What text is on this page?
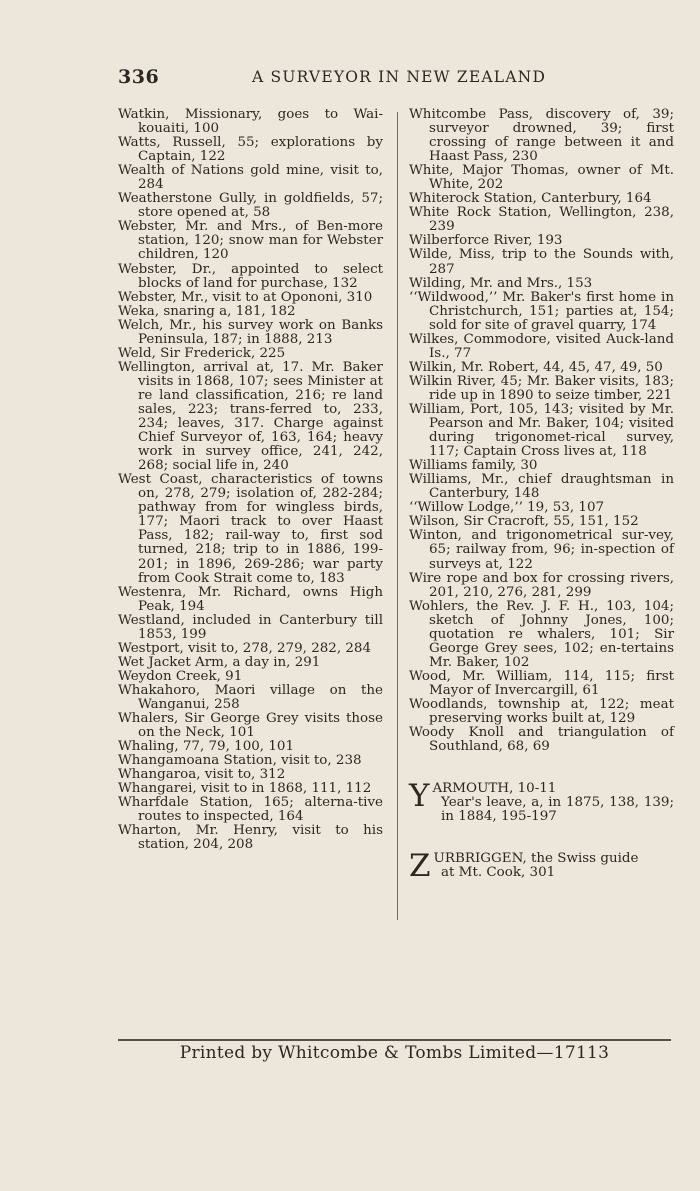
336	A SURVEYOR IN NEW ZEALAND

Watkin, Missionary, goes to Wai-kouaiti, 100

Watts, Russell, 55; explorations by Captain, 122

Wealth of Nations gold mine, visit to, 284

Weatherstone Gully, in goldfields, 57; store opened at, 58

Webster, Mr. and Mrs., of Ben-more station, 120; snow man for Webster children, 120

Webster, Dr., appointed to select blocks of land for purchase, 132

Webster, Mr., visit to at Opononi, 310

Weka, snaring a, 181, 182

Welch, Mr., his survey work on Banks Peninsula, 187; in 1888, 213

Weld, Sir Frederick, 225

Wellington, arrival at, 17. Mr. Baker visits in 1868, 107; sees Minister at re land classification, 216; re land sales, 223; trans-ferred to, 233, 234; leaves, 317. Charge against Chief Surveyor of, 163, 164; heavy work in survey office, 241, 242, 268; social life in, 240

West Coast, characteristics of towns on, 278, 279; isolation of, 282-284; pathway from for wingless birds, 177; Maori track to over Haast Pass, 182; rail-way to, first sod turned, 218; trip to in 1886, 199-201; in 1896, 269-286; war party from Cook Strait come to, 183

Westenra, Mr. Richard, owns High Peak, 194

Westland, included in Canterbury till 1853, 199

Westport, visit to, 278, 279, 282, 284

Wet Jacket Arm, a day in, 291

Weydon Creek, 91

Whakahoro, Maori village on the Wanganui, 258

Whalers, Sir George Grey visits those on the Neck, 101

Whaling, 77, 79, 100, 101

Whangamoana Station, visit to, 238

Whangaroa, visit to, 312

Whangarei, visit to in 1868, 111, 112

Wharfdale Station, 165; alterna-tive routes to inspected, 164

Wharton, Mr. Henry, visit to his station, 204, 208

Whitcombe Pass, discovery of, 39; surveyor drowned, 39; first crossing of range between it and Haast Pass, 230

White, Major Thomas, owner of Mt. White, 202

Whiterock Station, Canterbury, 164

White Rock Station, Wellington, 238, 239

Wilberforce River, 193

Wilde, Miss, trip to the Sounds with, 287

Wilding, Mr. and Mrs., 153

‘‘Wildwood,’’ Mr. Baker's first home in Christchurch, 151; parties at, 154; sold for site of gravel quarry, 174

Wilkes, Commodore, visited Auck-land Is., 77

Wilkin, Mr. Robert, 44, 45, 47, 49, 50

Wilkin River, 45; Mr. Baker visits, 183; ride up in 1890 to seize timber, 221

William, Port, 105, 143; visited by Mr. Pearson and Mr. Baker, 104; visited during trigonomet-rical survey, 117; Captain Cross lives at, 118

Williams family, 30

Williams, Mr., chief draughtsman in Canterbury, 148

‘‘Willow Lodge,’’ 19, 53, 107

Wilson, Sir Cracroft, 55, 151, 152

Winton, and trigonometrical sur-vey, 65; railway from, 96; in-spection of surveys at, 122

Wire rope and box for crossing rivers, 201, 210, 276, 281, 299

Wohlers, the Rev. J. F. H., 103, 104; sketch of Johnny Jones, 100; quotation re whalers, 101; Sir George Grey sees, 102; en-tertains Mr. Baker, 102

Wood, Mr. William, 114, 115; first Mayor of Invercargill, 61

Woodlands, township at, 122; meat preserving works built at, 129

Woody Knoll and triangulation of Southland, 68, 69

Y ARMOUTH, 10-11
Year's leave, a, in 1875, 138, 139; in 1884, 195-197
Z URBRIGGEN, the Swiss guide
at Mt. Cook, 301
Printed by Whitcombe & Tombs Limited—17113
